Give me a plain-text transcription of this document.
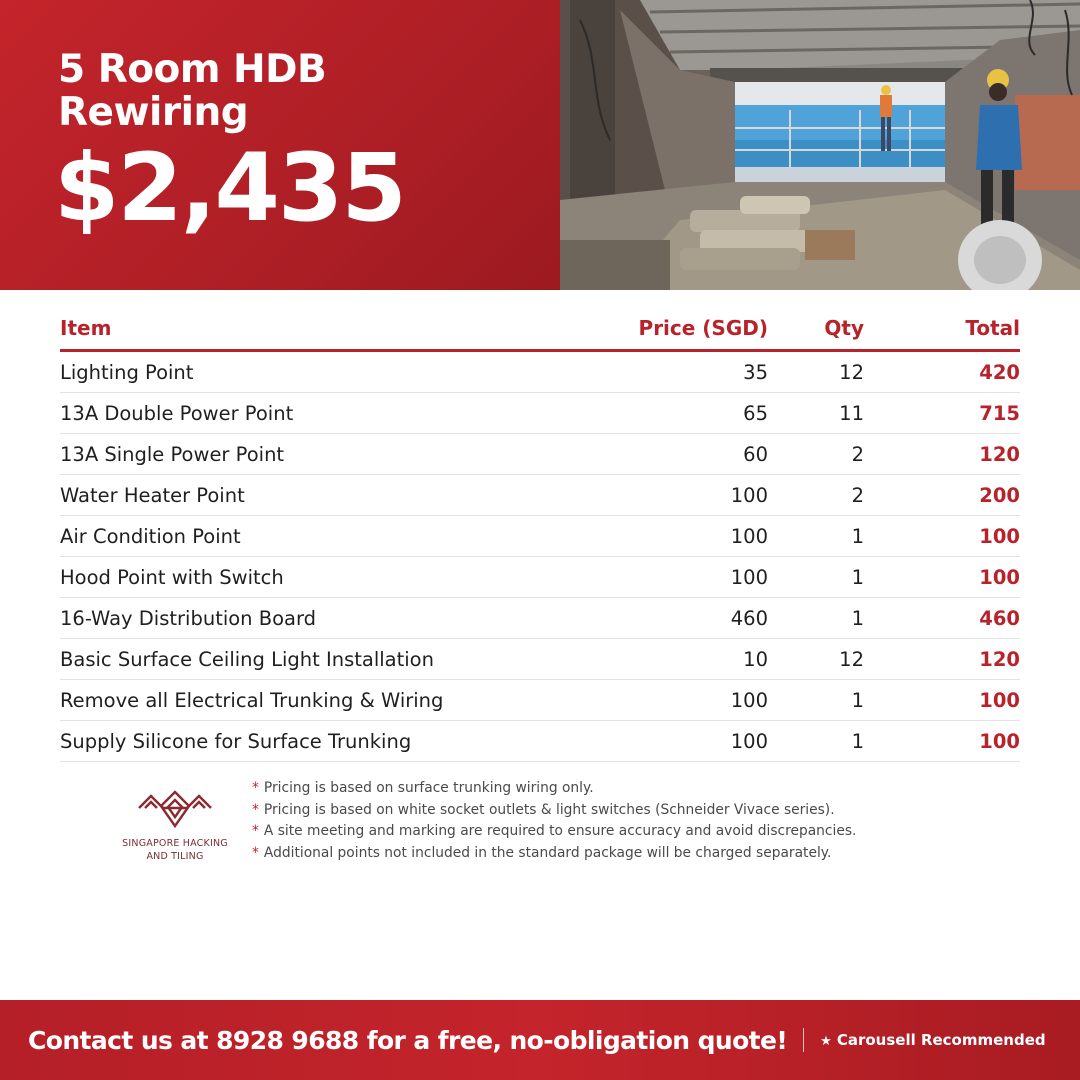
5 Room HDB
Rewiring
$2,435
Item	Price (SGD)	Qty	Total
Lighting Point	35	12	420
13A Double Power Point	65	11	715
13A Single Power Point	60	2	120
Water Heater Point	100	2	200
Air Condition Point	100	1	100
Hood Point with Switch	100	1	100
16-Way Distribution Board	460	1	460
Basic Surface Ceiling Light Installation	10	12	120
Remove all Electrical Trunking & Wiring	100	1	100
Supply Silicone for Surface Trunking	100	1	100
SINGAPORE HACKING
AND TILING
* Pricing is based on surface trunking wiring only.
* Pricing is based on white socket outlets & light switches (Schneider Vivace series).
* A site meeting and marking are required to ensure accuracy and avoid discrepancies.
* Additional points not included in the standard package will be charged separately.
Contact us at 8928 9688 for a free, no-obligation quote!	★ Carousell Recommended
